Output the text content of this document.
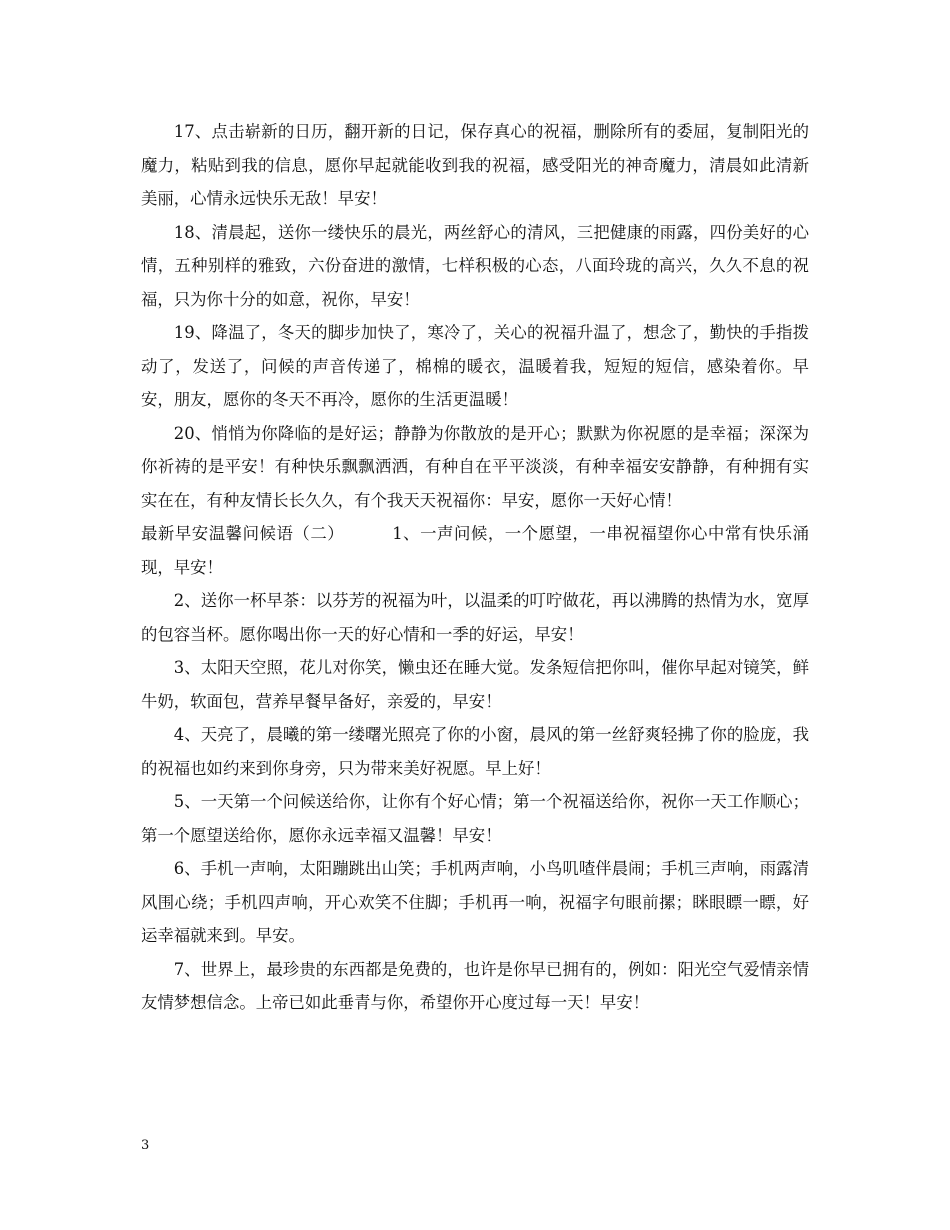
17、点击崭新的日历，翻开新的日记，保存真心的祝福，删除所有的委屈，复制阳光的魔力，粘贴到我的信息，愿你早起就能收到我的祝福，感受阳光的神奇魔力，清晨如此清新美丽，心情永远快乐无敌！早安！

18、清晨起，送你一缕快乐的晨光，两丝舒心的清风，三把健康的雨露，四份美好的心情，五种别样的雅致，六份奋进的激情，七样积极的心态，八面玲珑的高兴，久久不息的祝福，只为你十分的如意，祝你，早安！

19、降温了，冬天的脚步加快了，寒冷了，关心的祝福升温了，想念了，勤快的手指拨动了，发送了，问候的声音传递了，棉棉的暖衣，温暖着我，短短的短信，感染着你。早安，朋友，愿你的冬天不再冷，愿你的生活更温暖！

20、悄悄为你降临的是好运；静静为你散放的是开心；默默为你祝愿的是幸福；深深为你祈祷的是平安！有种快乐飘飘洒洒，有种自在平平淡淡，有种幸福安安静静，有种拥有实实在在，有种友情长长久久，有个我天天祝福你：早安，愿你一天好心情！

最新早安温馨问候语（二）	1、一声问候，一个愿望，一串祝福望你心中常有快乐涌现，早安！

2、送你一杯早茶：以芬芳的祝福为叶，以温柔的叮咛做花，再以沸腾的热情为水，宽厚的包容当杯。愿你喝出你一天的好心情和一季的好运，早安！

3、太阳天空照，花儿对你笑，懒虫还在睡大觉。发条短信把你叫，催你早起对镜笑，鲜牛奶，软面包，营养早餐早备好，亲爱的，早安！

4、天亮了，晨曦的第一缕曙光照亮了你的小窗，晨风的第一丝舒爽轻拂了你的脸庞，我的祝福也如约来到你身旁，只为带来美好祝愿。早上好！

5、一天第一个问候送给你，让你有个好心情；第一个祝福送给你，祝你一天工作顺心；第一个愿望送给你，愿你永远幸福又温馨！早安！

6、手机一声响，太阳蹦跳出山笑；手机两声响，小鸟叽喳伴晨闹；手机三声响，雨露清风围心绕；手机四声响，开心欢笑不住脚；手机再一响，祝福字句眼前摞；眯眼瞟一瞟，好运幸福就来到。早安。

7、世界上，最珍贵的东西都是免费的，也许是你早已拥有的，例如：阳光空气爱情亲情友情梦想信念。上帝已如此垂青与你，希望你开心度过每一天！早安！

3
